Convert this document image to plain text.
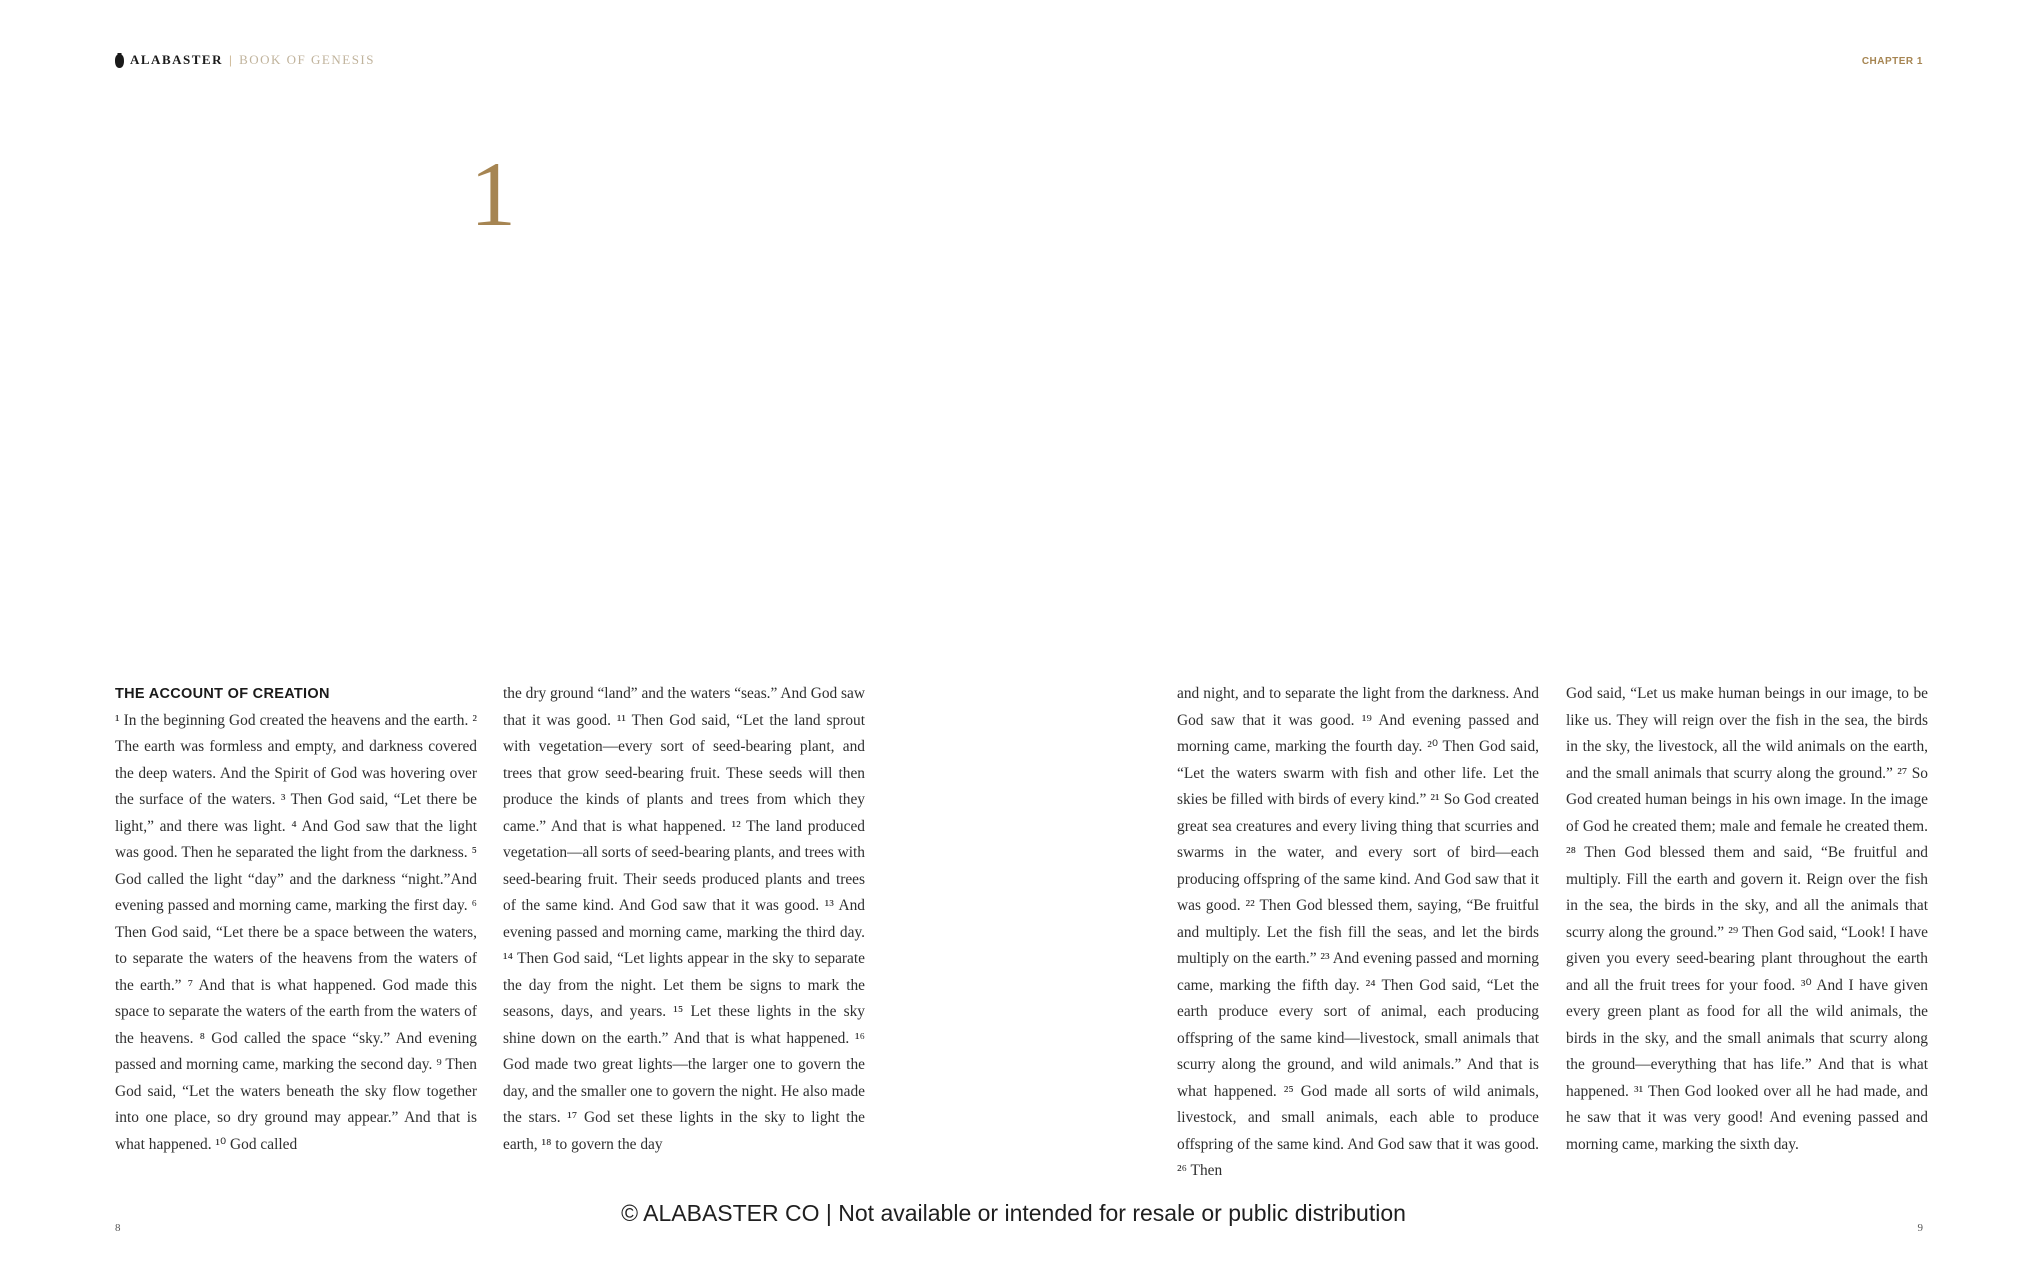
ALABASTER | BOOK OF GENESIS	CHAPTER 1
1
THE ACCOUNT OF CREATION
¹ In the beginning God created the heavens and the earth. ² The earth was formless and empty, and darkness covered the deep waters. And the Spirit of God was hovering over the surface of the waters. ³ Then God said, “Let there be light,” and there was light. ⁴ And God saw that the light was good. Then he separated the light from the darkness. ⁵ God called the light “day” and the darkness “night.”And evening passed and morning came, marking the first day. ⁶ Then God said, “Let there be a space between the waters, to separate the waters of the heavens from the waters of the earth.” ⁷ And that is what happened. God made this space to separate the waters of the earth from the waters of the heavens. ⁸ God called the space “sky.” And evening passed and morning came, marking the second day. ⁹ Then God said, “Let the waters beneath the sky flow together into one place, so dry ground may appear.” And that is what happened. ¹⁰ God called
the dry ground “land” and the waters “seas.” And God saw that it was good. ¹¹ Then God said, “Let the land sprout with vegetation—every sort of seed-bearing plant, and trees that grow seed-bearing fruit. These seeds will then produce the kinds of plants and trees from which they came.” And that is what happened. ¹² The land produced vegetation—all sorts of seed-bearing plants, and trees with seed-bearing fruit. Their seeds produced plants and trees of the same kind. And God saw that it was good. ¹³ And evening passed and morning came, marking the third day. ¹⁴ Then God said, “Let lights appear in the sky to separate the day from the night. Let them be signs to mark the seasons, days, and years. ¹⁵ Let these lights in the sky shine down on the earth.” And that is what happened. ¹⁶ God made two great lights—the larger one to govern the day, and the smaller one to govern the night. He also made the stars. ¹⁷ God set these lights in the sky to light the earth, ¹⁸ to govern the day
and night, and to separate the light from the darkness. And God saw that it was good. ¹⁹ And evening passed and morning came, marking the fourth day. ²⁰ Then God said, “Let the waters swarm with fish and other life. Let the skies be filled with birds of every kind.” ²¹ So God created great sea creatures and every living thing that scurries and swarms in the water, and every sort of bird—each producing offspring of the same kind. And God saw that it was good. ²² Then God blessed them, saying, “Be fruitful and multiply. Let the fish fill the seas, and let the birds multiply on the earth.” ²³ And evening passed and morning came, marking the fifth day. ²⁴ Then God said, “Let the earth produce every sort of animal, each producing offspring of the same kind—livestock, small animals that scurry along the ground, and wild animals.” And that is what happened. ²⁵ God made all sorts of wild animals, livestock, and small animals, each able to produce offspring of the same kind. And God saw that it was good. ²⁶ Then
God said, “Let us make human beings in our image, to be like us. They will reign over the fish in the sea, the birds in the sky, the livestock, all the wild animals on the earth, and the small animals that scurry along the ground.” ²⁷ So God created human beings in his own image. In the image of God he created them; male and female he created them. ²⁸ Then God blessed them and said, “Be fruitful and multiply. Fill the earth and govern it. Reign over the fish in the sea, the birds in the sky, and all the animals that scurry along the ground.” ²⁹ Then God said, “Look! I have given you every seed-bearing plant throughout the earth and all the fruit trees for your food. ³⁰ And I have given every green plant as food for all the wild animals, the birds in the sky, and the small animals that scurry along the ground—everything that has life.” And that is what happened. ³¹ Then God looked over all he had made, and he saw that it was very good! And evening passed and morning came, marking the sixth day.
© ALABASTER CO | Not available or intended for resale or public distribution
8	9
